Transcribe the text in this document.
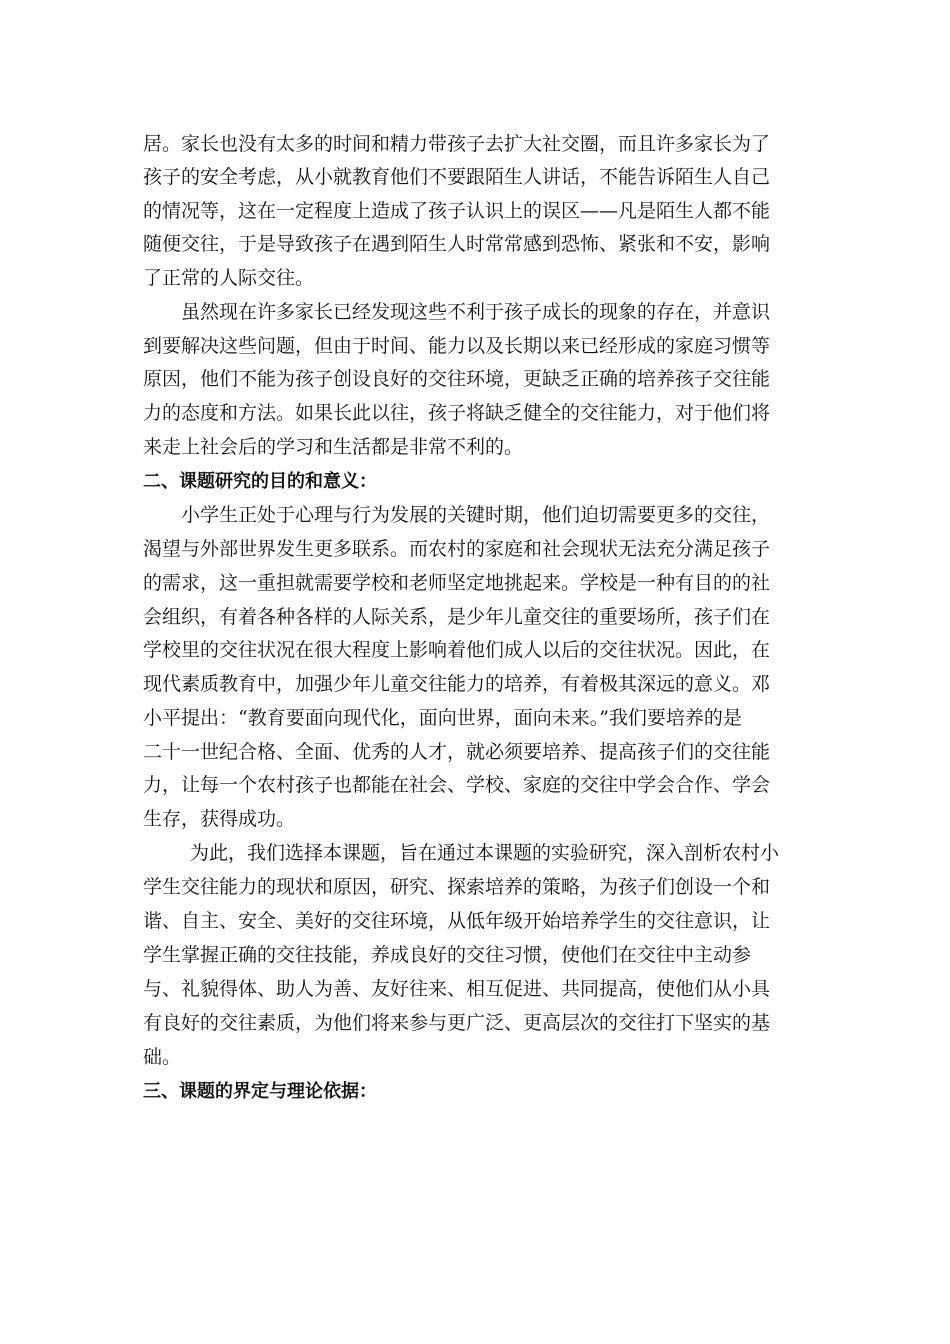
居。家长也没有太多的时间和精力带孩子去扩大社交圈，而且许多家长为了
孩子的安全考虑，从小就教育他们不要跟陌生人讲话，不能告诉陌生人自己
的情况等，这在一定程度上造成了孩子认识上的误区——凡是陌生人都不能
随便交往，于是导致孩子在遇到陌生人时常常感到恐怖、紧张和不安，影响
了正常的人际交往。
虽然现在许多家长已经发现这些不利于孩子成长的现象的存在，并意识
到要解决这些问题，但由于时间、能力以及长期以来已经形成的家庭习惯等
原因，他们不能为孩子创设良好的交往环境，更缺乏正确的培养孩子交往能
力的态度和方法。如果长此以往，孩子将缺乏健全的交往能力，对于他们将
来走上社会后的学习和生活都是非常不利的。
二、课题研究的目的和意义：
小学生正处于心理与行为发展的关键时期，他们迫切需要更多的交往，
渴望与外部世界发生更多联系。而农村的家庭和社会现状无法充分满足孩子
的需求，这一重担就需要学校和老师坚定地挑起来。学校是一种有目的的社
会组织，有着各种各样的人际关系，是少年儿童交往的重要场所，孩子们在
学校里的交往状况在很大程度上影响着他们成人以后的交往状况。因此，在
现代素质教育中，加强少年儿童交往能力的培养，有着极其深远的意义。邓
小平提出：“教育要面向现代化，面向世界，面向未来。”我们要培养的是
二十一世纪合格、全面、优秀的人才，就必须要培养、提高孩子们的交往能
力，让每一个农村孩子也都能在社会、学校、家庭的交往中学会合作、学会
生存，获得成功。
为此，我们选择本课题，旨在通过本课题的实验研究，深入剖析农村小
学生交往能力的现状和原因，研究、探索培养的策略，为孩子们创设一个和
谐、自主、安全、美好的交往环境，从低年级开始培养学生的交往意识，让
学生掌握正确的交往技能，养成良好的交往习惯，使他们在交往中主动参
与、礼貌得体、助人为善、友好往来、相互促进、共同提高，使他们从小具
有良好的交往素质，为他们将来参与更广泛、更高层次的交往打下坚实的基
础。
三、课题的界定与理论依据：
